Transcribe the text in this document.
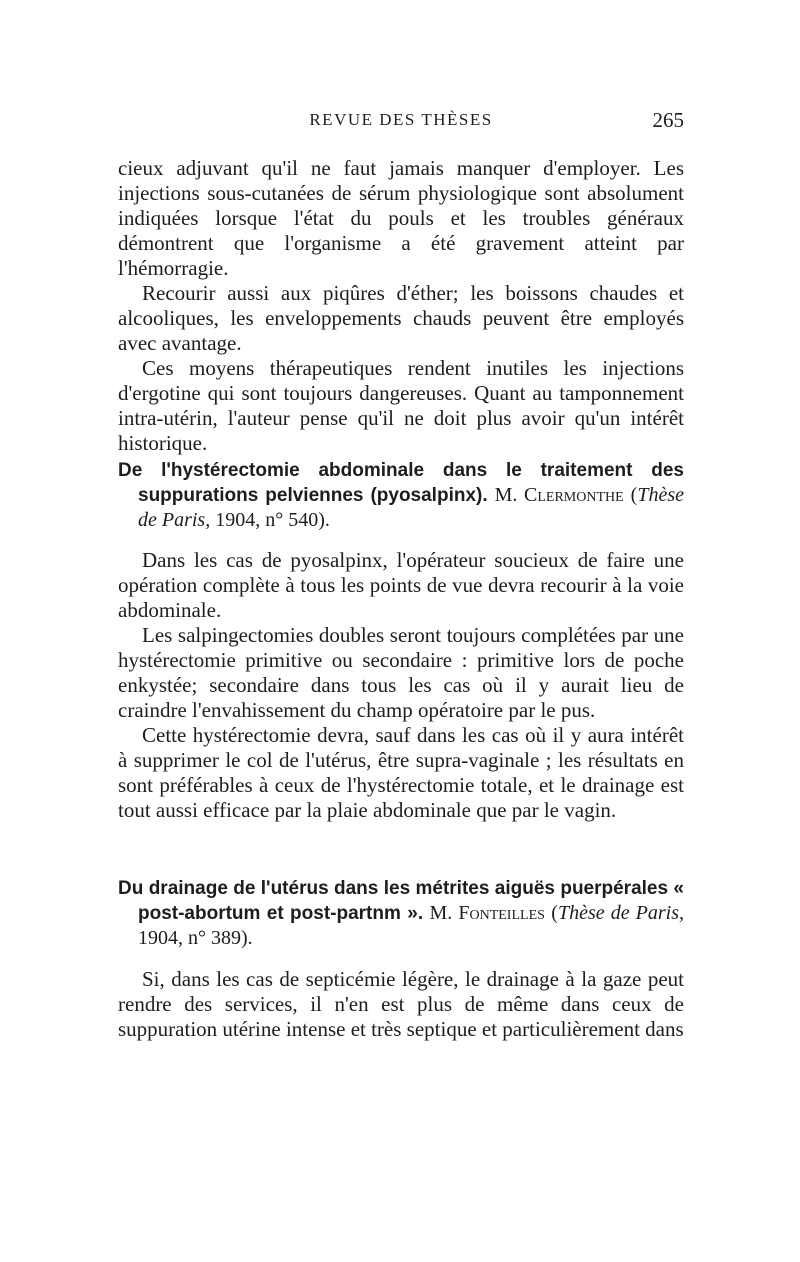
REVUE DES THÈSES	265

cieux adjuvant qu'il ne faut jamais manquer d'employer. Les injections sous-cutanées de sérum physiologique sont absolument indiquées lorsque l'état du pouls et les troubles généraux démontrent que l'organisme a été gravement atteint par l'hémorragie.

Recourir aussi aux piqûres d'éther; les boissons chaudes et alcooliques, les enveloppements chauds peuvent être employés avec avantage.

Ces moyens thérapeutiques rendent inutiles les injections d'ergotine qui sont toujours dangereuses. Quant au tamponnement intra-utérin, l'auteur pense qu'il ne doit plus avoir qu'un intérêt historique.

De l'hystérectomie abdominale dans le traitement des suppurations pelviennes (pyosalpinx). M. Clermonthe (Thèse de Paris, 1904, n° 540).

Dans les cas de pyosalpinx, l'opérateur soucieux de faire une opération complète à tous les points de vue devra recourir à la voie abdominale.

Les salpingectomies doubles seront toujours complétées par une hystérectomie primitive ou secondaire : primitive lors de poche enkystée; secondaire dans tous les cas où il y aurait lieu de craindre l'envahissement du champ opératoire par le pus.

Cette hystérectomie devra, sauf dans les cas où il y aura intérêt à supprimer le col de l'utérus, être supra-vaginale ; les résultats en sont préférables à ceux de l'hystérectomie totale, et le drainage est tout aussi efficace par la plaie abdominale que par le vagin.

Du drainage de l'utérus dans les métrites aiguës puerpérales « post-abortum et post-partnm ». M. Fonteilles (Thèse de Paris, 1904, n° 389).

Si, dans les cas de septicémie légère, le drainage à la gaze peut rendre des services, il n'en est plus de même dans ceux de suppuration utérine intense et très septique et particulièrement dans
